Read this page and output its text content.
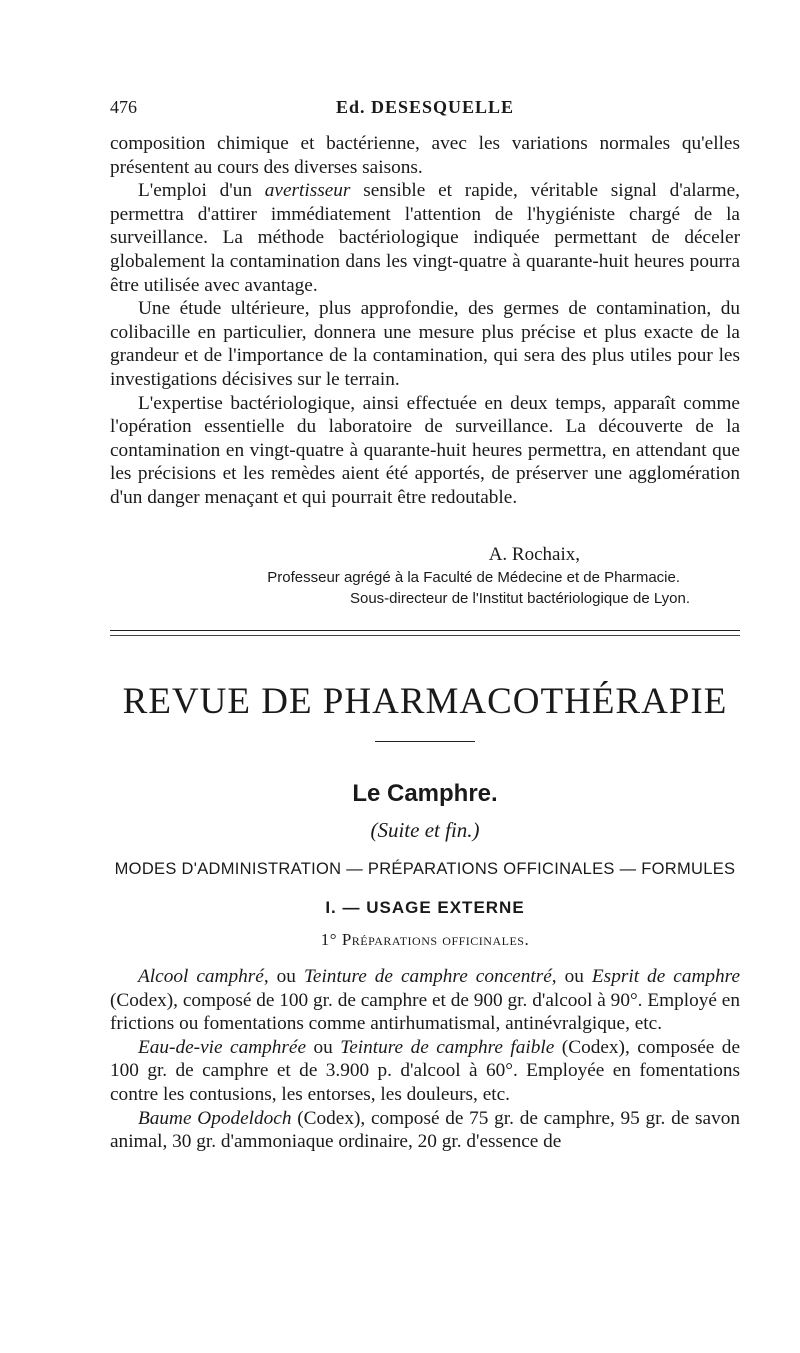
476	Ed. DESESQUELLE

composition chimique et bactérienne, avec les variations normales qu'elles présentent au cours des diverses saisons.

L'emploi d'un avertisseur sensible et rapide, véritable signal d'alarme, permettra d'attirer immédiatement l'attention de l'hygiéniste chargé de la surveillance. La méthode bactériologique indiquée permettant de déceler globalement la contamination dans les vingt-quatre à quarante-huit heures pourra être utilisée avec avantage.

Une étude ultérieure, plus approfondie, des germes de contamination, du colibacille en particulier, donnera une mesure plus précise et plus exacte de la grandeur et de l'importance de la contamination, qui sera des plus utiles pour les investigations décisives sur le terrain.

L'expertise bactériologique, ainsi effectuée en deux temps, apparaît comme l'opération essentielle du laboratoire de surveillance. La découverte de la contamination en vingt-quatre à quarante-huit heures permettra, en attendant que les précisions et les remèdes aient été apportés, de préserver une agglomération d'un danger menaçant et qui pourrait être redoutable.

A. Rochaix,
Professeur agrégé à la Faculté de Médecine et de Pharmacie.
Sous-directeur de l'Institut bactériologique de Lyon.
REVUE DE PHARMACOTHÉRAPIE
Le Camphre.
(Suite et fin.)
MODES D'ADMINISTRATION — PRÉPARATIONS OFFICINALES — FORMULES
I. — USAGE EXTERNE
1° Préparations officinales.

Alcool camphré, ou Teinture de camphre concentré, ou Esprit de camphre (Codex), composé de 100 gr. de camphre et de 900 gr. d'alcool à 90°. Employé en frictions ou fomentations comme antirhumatismal, antinévralgique, etc.

Eau-de-vie camphrée ou Teinture de camphre faible (Codex), composée de 100 gr. de camphre et de 3.900 p. d'alcool à 60°. Employée en fomentations contre les contusions, les entorses, les douleurs, etc.

Baume Opodeldoch (Codex), composé de 75 gr. de camphre, 95 gr. de savon animal, 30 gr. d'ammoniaque ordinaire, 20 gr. d'essence de
